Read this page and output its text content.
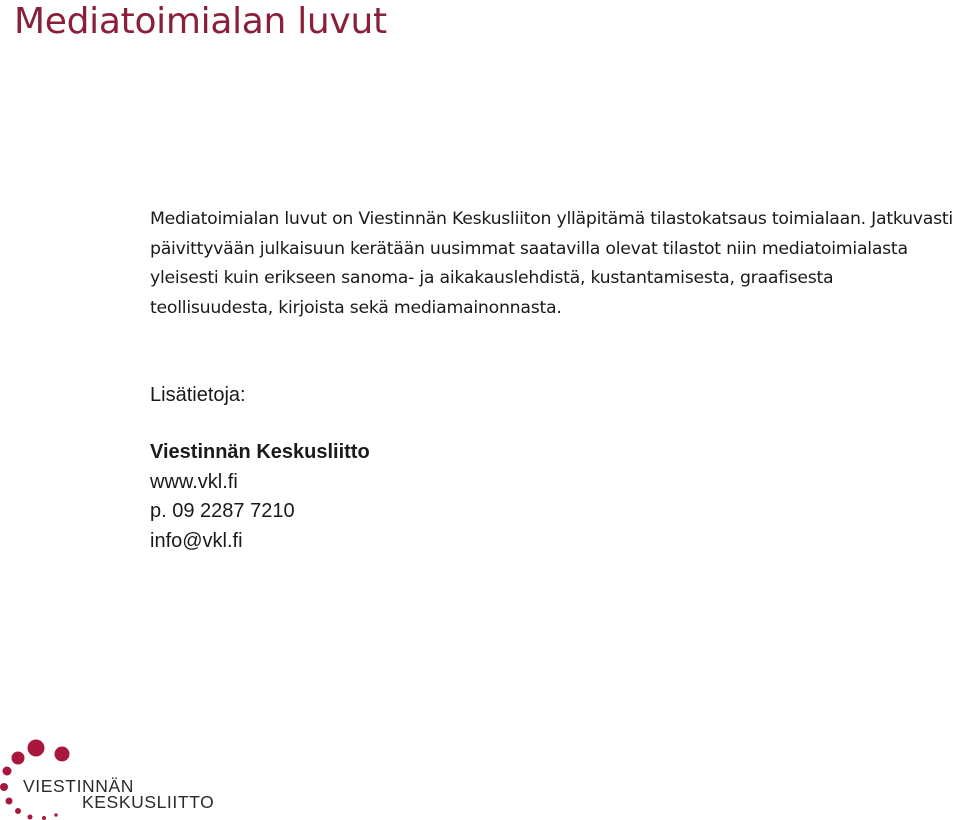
Mediatoimialan luvut

Mediatoimialan luvut on Viestinnän Keskusliiton ylläpitämä tilastokatsaus toimialaan. Jatkuvasti päivittyvään julkaisuun kerätään uusimmat saatavilla olevat tilastot niin mediatoimialasta yleisesti kuin erikseen sanoma- ja aikakauslehdistä, kustantamisesta, graafisesta teollisuudesta, kirjoista sekä mediamainonnasta.

Lisätietoja:

Viestinnän Keskusliitto
www.vkl.fi
p. 09 2287 7210
info@vkl.fi
VIESTINNÄN
KESKUSLIITTO
